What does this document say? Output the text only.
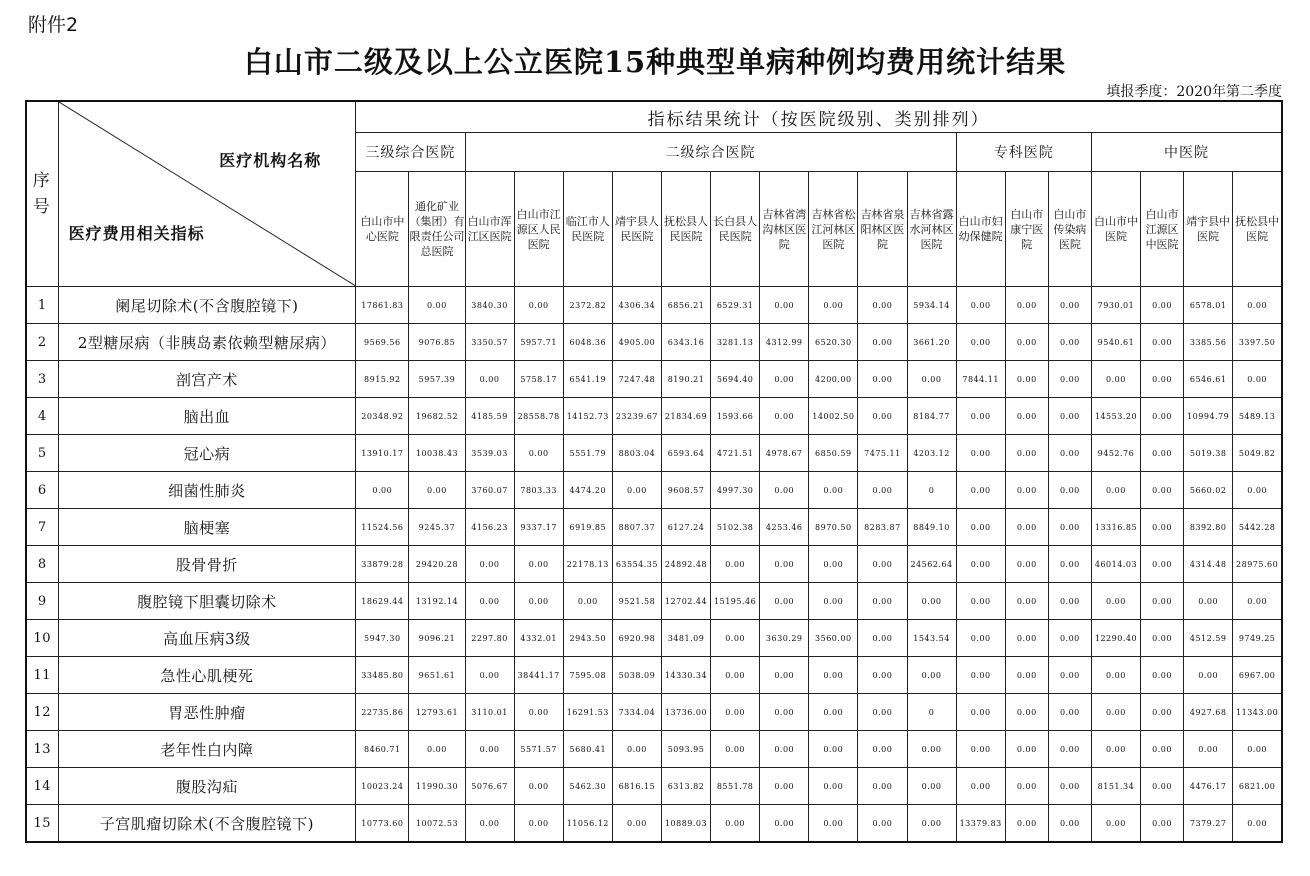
附件2
白山市二级及以上公立医院15种典型单病种例均费用统计结果
填报季度：2020年第二季度
序
号	医疗机构名称
医疗费用相关指标	指标结果统计（按医院级别、类别排列）																		
		三级综合医院		二级综合医院										专科医院			中医院			
		白山市中心医院	通化矿业（集团）有限责任公司总医院	白山市浑江区医院	白山市江源区人民医院	临江市人民医院	靖宇县人民医院	抚松县人民医院	长白县人民医院	吉林省湾沟林区医院	吉林省松江河林区医院	吉林省泉阳林区医院	吉林省露水河林区医院	白山市妇幼保健院	白山市康宁医院	白山市传染病医院	白山市中医院	白山市江源区中医院	靖宇县中医院	抚松县中医院
1	阑尾切除术(不含腹腔镜下)	17861.83	0.00	3840.30	0.00	2372.82	4306.34	6856.21	6529.31	0.00	0.00	0.00	5934.14	0.00	0.00	0.00	7930.01	0.00	6578.01	0.00
2	2型糖尿病（非胰岛素依赖型糖尿病）	9569.56	9076.85	3350.57	5957.71	6048.36	4905.00	6343.16	3281.13	4312.99	6520.30	0.00	3661.20	0.00	0.00	0.00	9540.61	0.00	3385.56	3397.50
3	剖宫产术	8915.92	5957.39	0.00	5758.17	6541.19	7247.48	8190.21	5694.40	0.00	4200.00	0.00	0.00	7844.11	0.00	0.00	0.00	0.00	6546.61	0.00
4	脑出血	20348.92	19682.52	4185.59	28558.78	14152.73	23239.67	21834.69	1593.66	0.00	14002.50	0.00	8184.77	0.00	0.00	0.00	14553.20	0.00	10994.79	5489.13
5	冠心病	13910.17	10038.43	3539.03	0.00	5551.79	8803.04	6593.64	4721.51	4978.67	6850.59	7475.11	4203.12	0.00	0.00	0.00	9452.76	0.00	5019.38	5049.82
6	细菌性肺炎	0.00	0.00	3760.07	7803.33	4474.20	0.00	9608.57	4997.30	0.00	0.00	0.00	0	0.00	0.00	0.00	0.00	0.00	5660.02	0.00
7	脑梗塞	11524.56	9245.37	4156.23	9337.17	6919.85	8807.37	6127.24	5102.38	4253.46	8970.50	8283.87	8849.10	0.00	0.00	0.00	13316.85	0.00	8392.80	5442.28
8	股骨骨折	33879.28	29420.28	0.00	0.00	22178.13	63554.35	24892.48	0.00	0.00	0.00	0.00	24562.64	0.00	0.00	0.00	46014.03	0.00	4314.48	28975.60
9	腹腔镜下胆囊切除术	18629.44	13192.14	0.00	0.00	0.00	9521.58	12702.44	15195.46	0.00	0.00	0.00	0.00	0.00	0.00	0.00	0.00	0.00	0.00	0.00
10	高血压病3级	5947.30	9096.21	2297.80	4332.01	2943.50	6920.98	3481.09	0.00	3630.29	3560.00	0.00	1543.54	0.00	0.00	0.00	12290.40	0.00	4512.59	9749.25
11	急性心肌梗死	33485.80	9651.61	0.00	38441.17	7595.08	5038.09	14330.34	0.00	0.00	0.00	0.00	0.00	0.00	0.00	0.00	0.00	0.00	0.00	6967.00
12	胃恶性肿瘤	22735.86	12793.61	3110.01	0.00	16291.53	7334.04	13736.00	0.00	0.00	0.00	0.00	0	0.00	0.00	0.00	0.00	0.00	4927.68	11343.00
13	老年性白内障	8460.71	0.00	0.00	5571.57	5680.41	0.00	5093.95	0.00	0.00	0.00	0.00	0.00	0.00	0.00	0.00	0.00	0.00	0.00	0.00
14	腹股沟疝	10023.24	11990.30	5076.67	0.00	5462.30	6816.15	6313.82	8551.78	0.00	0.00	0.00	0.00	0.00	0.00	0.00	8151.34	0.00	4476.17	6821.00
15	子宫肌瘤切除术(不含腹腔镜下)	10773.60	10072.53	0.00	0.00	11056.12	0.00	10889.03	0.00	0.00	0.00	0.00	0.00	13379.83	0.00	0.00	0.00	0.00	7379.27	0.00
